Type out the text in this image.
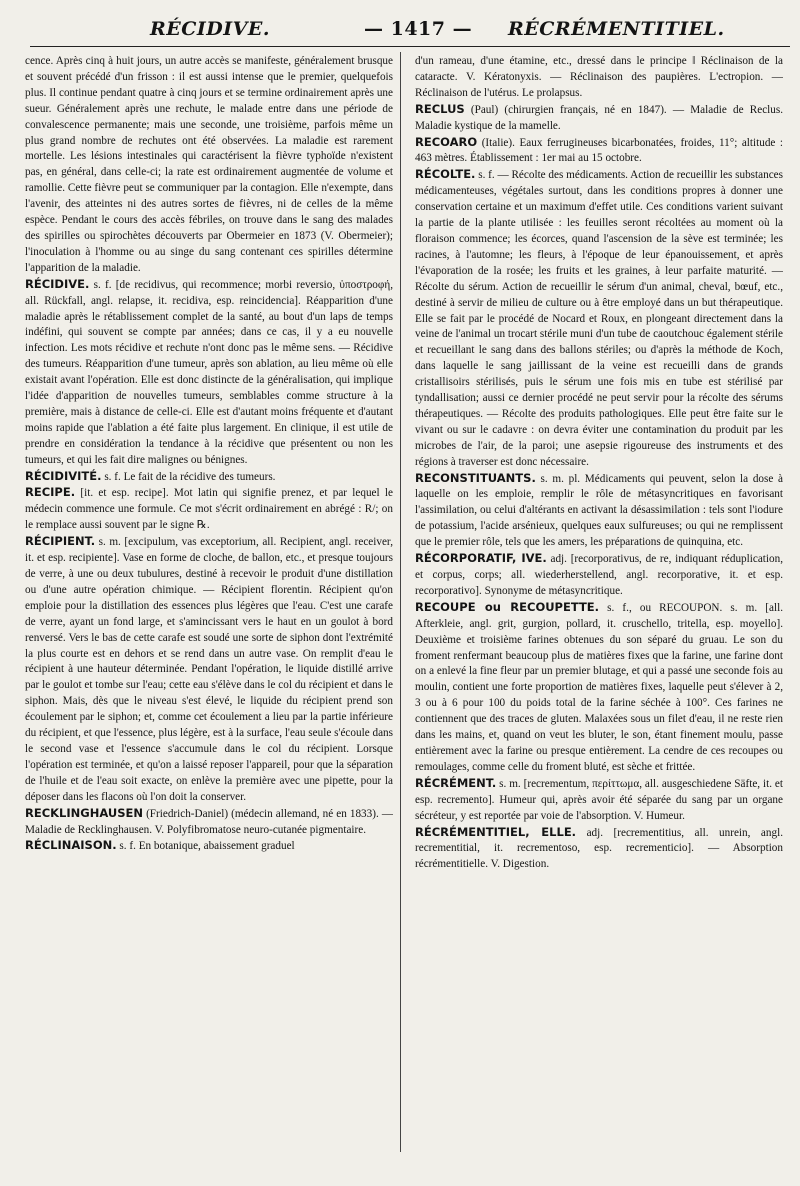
RÉCIDIVE.	— 1417 — RÉCRÉMENTITIEL.

cence. Après cinq à huit jours, un autre accès se manifeste, généralement brusque et souvent précédé d'un frisson : il est aussi intense que le premier, quelquefois plus. Il continue pendant quatre à cinq jours et se termine ordinairement après une sueur. Généralement après une rechute, le malade entre dans une période de convalescence permanente; mais une seconde, une troisième, parfois même un plus grand nombre de rechutes ont été observées. La maladie est rarement mortelle. Les lésions intestinales qui caractérisent la fièvre typhoïde n'existent pas, en général, dans celle-ci; la rate est ordinairement augmentée de volume et ramollie. Cette fièvre peut se communiquer par la contagion. Elle n'exempte, dans l'avenir, des atteintes ni des autres sortes de fièvres, ni de celles de la même espèce. Pendant le cours des accès fébriles, on trouve dans le sang des malades des spirilles ou spirochètes découverts par Obermeier en 1873 (V. Obermeier); l'inoculation à l'homme ou au singe du sang contenant ces spirilles détermine l'apparition de la maladie.

RÉCIDIVE. s. f. [de recidivus, qui recommence; morbi reversio, ὑποστροφή, all. Rückfall, angl. relapse, it. recidiva, esp. reincidencia]. Réapparition d'une maladie après le rétablissement complet de la santé, au bout d'un laps de temps indéfini, qui souvent se compte par années; dans ce cas, il y a eu nouvelle infection. Les mots récidive et rechute n'ont donc pas le même sens. — Récidive des tumeurs. Réapparition d'une tumeur, après son ablation, au lieu même où elle existait avant l'opération. Elle est donc distincte de la généralisation, qui implique l'idée d'apparition de nouvelles tumeurs, semblables comme structure à la première, mais à distance de celle-ci. Elle est d'autant moins fréquente et d'autant moins rapide que l'ablation a été faite plus largement. En clinique, il est utile de prendre en considération la tendance à la récidive que présentent ou non les tumeurs, et qui les fait dire malignes ou bénignes.

RÉCIDIVITÉ. s. f. Le fait de la récidive des tumeurs.

RECIPE. [it. et esp. recipe]. Mot latin qui signifie prenez, et par lequel le médecin commence une formule. Ce mot s'écrit ordinairement en abrégé : R/; on le remplace aussi souvent par le signe ℞.

RÉCIPIENT. s. m. [excipulum, vas exceptorium, all. Recipient, angl. receiver, it. et esp. recipiente]. Vase en forme de cloche, de ballon, etc., et presque toujours de verre, à une ou deux tubulures, destiné à recevoir le produit d'une distillation ou d'une autre opération chimique. — Récipient florentin. Récipient qu'on emploie pour la distillation des essences plus légères que l'eau. C'est une carafe de verre, ayant un fond large, et s'amincissant vers le haut en un goulot à bord renversé. Vers le bas de cette carafe est soudé une sorte de siphon dont l'extrémité la plus courte est en dehors et se rend dans un autre vase. On remplit d'eau le récipient à une hauteur déterminée. Pendant l'opération, le liquide distillé arrive par le goulot et tombe sur l'eau; cette eau s'élève dans le col du récipient et dans le siphon. Mais, dès que le niveau s'est élevé, le liquide du récipient prend son écoulement par le siphon; et, comme cet écoulement a lieu par la partie inférieure du récipient, et que l'essence, plus légère, est à la surface, l'eau seule s'écoule dans le second vase et l'essence s'accumule dans le col du récipient. Lorsque l'opération est terminée, et qu'on a laissé reposer l'appareil, pour que la séparation de l'huile et de l'eau soit exacte, on enlève la première avec une pipette, pour la déposer dans les flacons où l'on doit la conserver.

RECKLINGHAUSEN (Friedrich-Daniel) (médecin allemand, né en 1833). — Maladie de Recklinghausen. V. Polyfibromatose neuro-cutanée pigmentaire.

RÉCLINAISON. s. f. En botanique, abaissement graduel

d'un rameau, d'une étamine, etc., dressé dans le principe ‖ Réclinaison de la cataracte. V. Kératonyxis. — Réclinaison des paupières. L'ectropion. — Réclinaison de l'utérus. Le prolapsus.

RECLUS (Paul) (chirurgien français, né en 1847). — Maladie de Reclus. Maladie kystique de la mamelle.

RECOARO (Italie). Eaux ferrugineuses bicarbonatées, froides, 11°; altitude : 463 mètres. Établissement : 1er mai au 15 octobre.

RÉCOLTE. s. f. — Récolte des médicaments. Action de recueillir les substances médicamenteuses, végétales surtout, dans les conditions propres à donner une conservation certaine et un maximum d'effet utile. Ces conditions varient suivant la partie de la plante utilisée : les feuilles seront récoltées au moment où la floraison commence; les écorces, quand l'ascension de la sève est terminée; les racines, à l'automne; les fleurs, à l'époque de leur épanouissement, et après l'évaporation de la rosée; les fruits et les graines, à leur parfaite maturité. — Récolte du sérum. Action de recueillir le sérum d'un animal, cheval, bœuf, etc., destiné à servir de milieu de culture ou à être employé dans un but thérapeutique. Elle se fait par le procédé de Nocard et Roux, en plongeant directement dans la veine de l'animal un trocart stérile muni d'un tube de caoutchouc également stérile et recueillant le sang dans des ballons stériles; ou d'après la méthode de Koch, dans laquelle le sang jaillissant de la veine est recueilli dans de grands cristallisoirs stérilisés, puis le sérum une fois mis en tube est stérilisé par tyndallisation; aussi ce dernier procédé ne peut servir pour la récolte des sérums thérapeutiques. — Récolte des produits pathologiques. Elle peut être faite sur le vivant ou sur le cadavre : on devra éviter une contamination du produit par les microbes de l'air, de la paroi; une asepsie rigoureuse des instruments et des régions à traverser est donc nécessaire.

RECONSTITUANTS. s. m. pl. Médicaments qui peuvent, selon la dose à laquelle on les emploie, remplir le rôle de métasyncritiques en favorisant l'assimilation, ou celui d'altérants en activant la désassimilation : tels sont l'iodure de potassium, l'acide arsénieux, quelques eaux sulfureuses; ou qui ne remplissent que le premier rôle, tels que les amers, les préparations de quinquina, etc.

RÉCORPORATIF, IVE. adj. [recorporativus, de re, indiquant réduplication, et corpus, corps; all. wiederherstellend, angl. recorporative, it. et esp. recorporativo]. Synonyme de métasyncritique.

RECOUPE ou RECOUPETTE. s. f., ou RECOUPON. s. m. [all. Afterkleie, angl. grit, gurgion, pollard, it. cruschello, tritella, esp. moyello]. Deuxième et troisième farines obtenues du son séparé du gruau. Le son du froment renfermant beaucoup plus de matières fixes que la farine, une farine dont on a enlevé la fine fleur par un premier blutage, et qui a passé une seconde fois au moulin, contient une forte proportion de matières fixes, laquelle peut s'élever à 2, 3 ou à 6 pour 100 du poids total de la farine séchée à 100°. Ces farines ne contiennent que des traces de gluten. Malaxées sous un filet d'eau, il ne reste rien dans les mains, et, quand on veut les bluter, le son, étant finement moulu, passe entièrement avec la farine ou presque entièrement. La cendre de ces recoupes ou remoulages, comme celle du froment bluté, est sèche et frittée.

RÉCRÉMENT. s. m. [recrementum, περίττωμα, all. ausgeschiedene Säfte, it. et esp. recremento]. Humeur qui, après avoir été séparée du sang par un organe sécréteur, y est reportée par voie de l'absorption. V. Humeur.

RÉCRÉMENTITIEL, ELLE. adj. [recrementitius, all. unrein, angl. recrementitial, it. recrementoso, esp. recrementicio]. — Absorption récrémentitielle. V. Digestion.
